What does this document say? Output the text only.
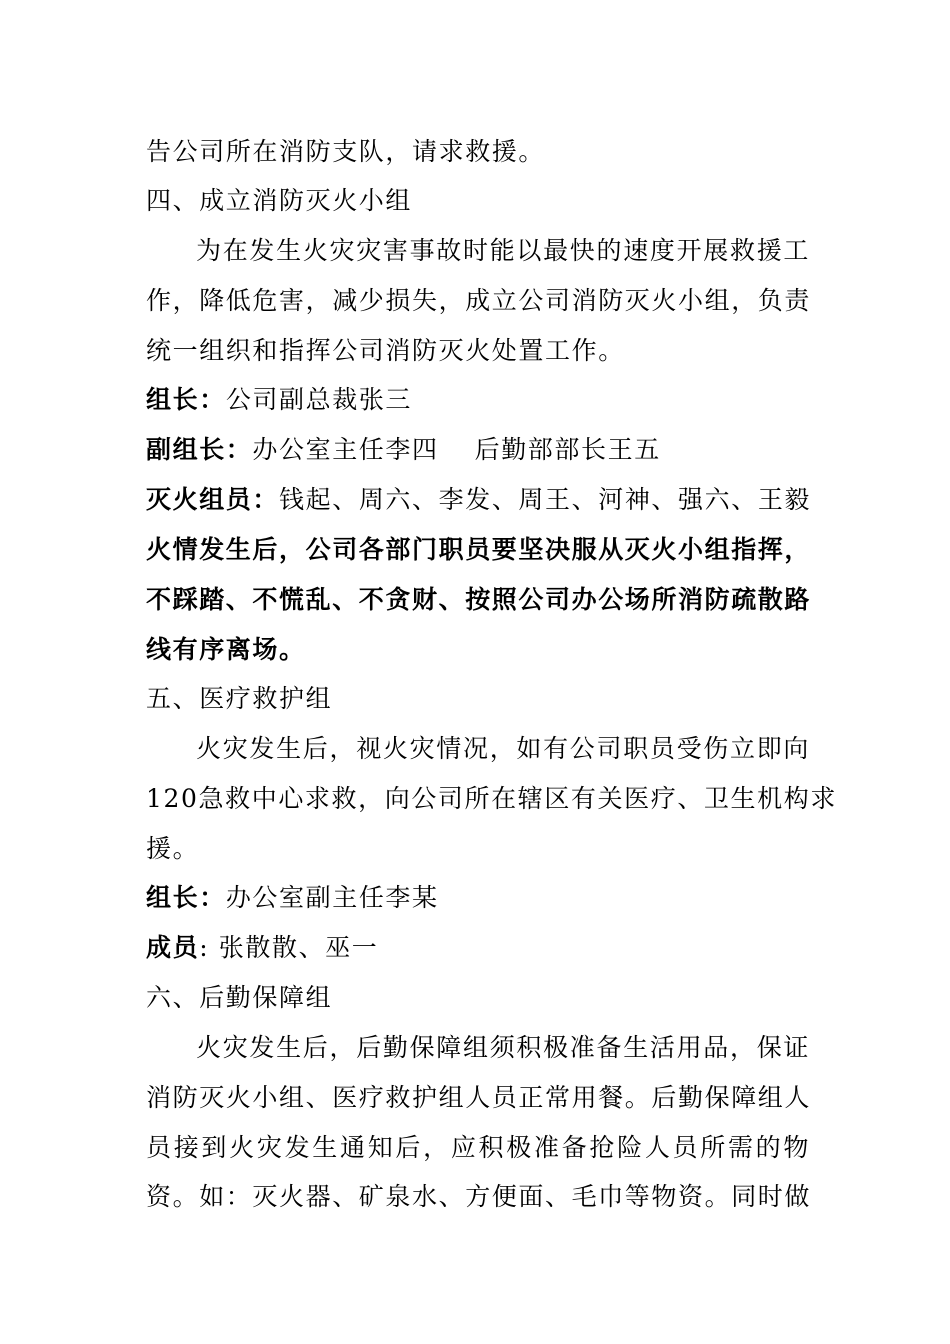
告公司所在消防支队，请求救援。
四、成立消防灭火小组
为在发生火灾灾害事故时能以最快的速度开展救援工
作，降低危害，减少损失，成立公司消防灭火小组，负责
统一组织和指挥公司消防灭火处置工作。
组长：公司副总裁张三
副组长：办公室主任李四 后勤部部长王五
灭火组员：钱起、周六、李发、周王、河神、强六、王毅
火情发生后，公司各部门职员要坚决服从灭火小组指挥，
不踩踏、不慌乱、不贪财、按照公司办公场所消防疏散路
线有序离场。
五、医疗救护组
火灾发生后，视火灾情况，如有公司职员受伤立即向
120急救中心求救，向公司所在辖区有关医疗、卫生机构求
援。
组长：办公室副主任李某
成员: 张散散、巫一
六、后勤保障组
火灾发生后，后勤保障组须积极准备生活用品，保证
消防灭火小组、医疗救护组人员正常用餐。后勤保障组人
员接到火灾发生通知后，应积极准备抢险人员所需的物
资。如：灭火器、矿泉水、方便面、毛巾等物资。同时做
